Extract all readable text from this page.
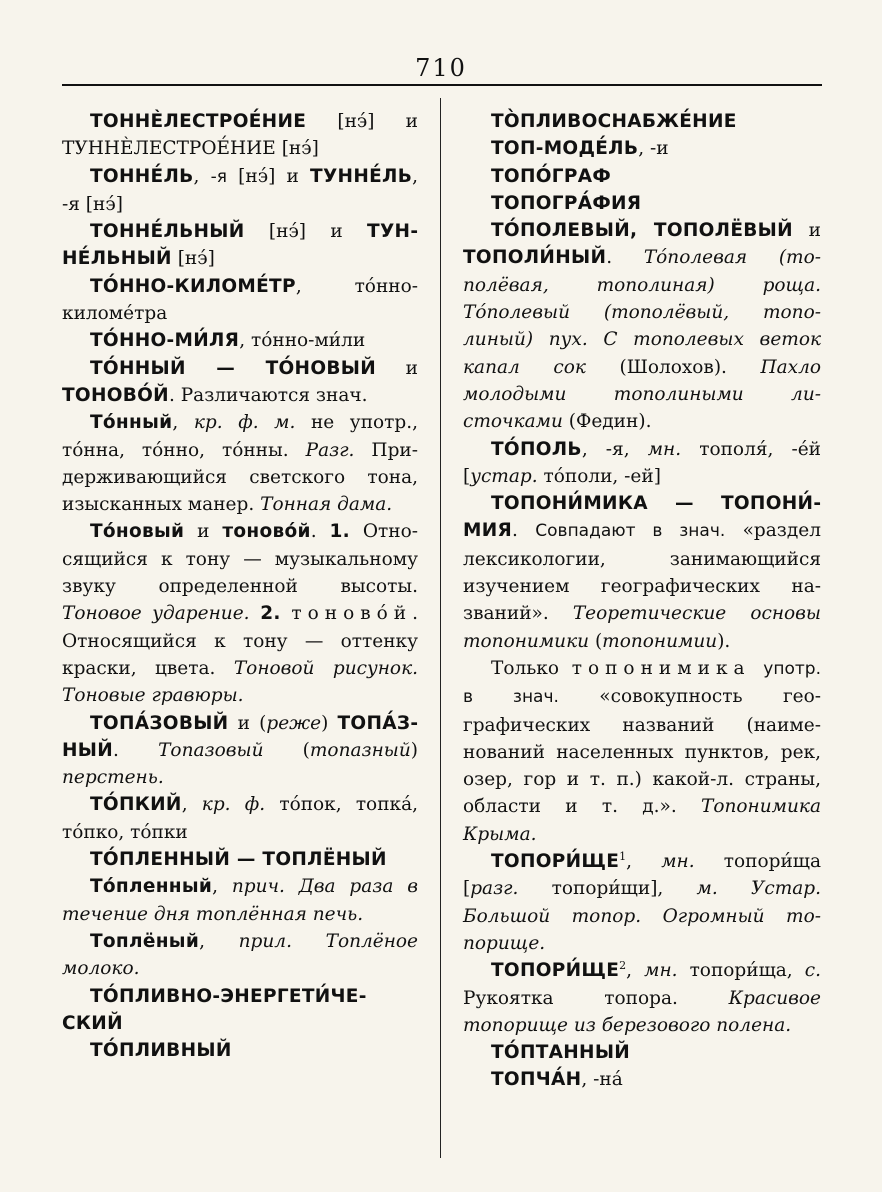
710

ТОННЀЛЕСТРОЕ́НИЕ [нэ́] и ТУННЀЛЕСТРОЕ́НИЕ [нэ́]

ТОННЕ́ЛЬ, -я [нэ́] и ТУННЕ́ЛЬ, -я [нэ́]

ТОННЕ́ЛЬНЫЙ [нэ́] и ТУННЕ́ЛЬНЫЙ [нэ́]

ТО́ННО-КИЛОМЕ́ТР, то́нно-киломе́тра

ТО́ННО-МИ́ЛЯ, то́нно-ми́ли

ТО́ННЫЙ — ТО́НОВЫЙ и ТОНОВО́Й. Различаются знач.

То́нный, кр. ф. м. не употр., то́нна, то́нно, то́нны. Разг. Придерживающийся светского тона, изысканных манер. Тонная дама.

То́новый и тоново́й. 1. Относящийся к тону — музыкальному звуку определенной высоты. Тоновое ударение. 2. тоново́й. Относящийся к тону — оттенку краски, цвета. Тоновой рисунок. Тоновые гравюры.

ТОПА́ЗОВЫЙ и (реже) ТОПА́ЗНЫЙ. Топазовый (топазный) перстень.

ТО́ПКИЙ, кр. ф. то́пок, топка́, то́пко, то́пки

ТО́ПЛЕННЫЙ — ТОПЛЁНЫЙ

То́пленный, прич. Два раза в течение дня топлённая печь.

Топлёный, прил. Топлёное молоко.

ТО́ПЛИВНО-ЭНЕРГЕТИ́ЧЕСКИЙ

ТО́ПЛИВНЫЙ

ТО̀ПЛИВОСНАБЖЕ́НИЕ

ТОП-МОДЕ́ЛЬ, -и

ТОПО́ГРАФ

ТОПОГРА́ФИЯ

ТО́ПОЛЕВЫЙ, ТОПОЛЁВЫЙ и ТОПОЛИ́НЫЙ. То́полевая (тополёвая, тополиная) роща. То́полевый (тополёвый, тополиный) пух. С тополевых веток капал сок (Шолохов). Пахло молодыми тополиными листочками (Федин).

ТО́ПОЛЬ, -я, мн. тополя́, -е́й [устар. то́поли, -ей]

ТОПОНИ́МИКА — ТОПОНИ́МИЯ. Совпадают в знач. «раздел лексикологии, занимающийся изучением географических названий». Теоретические основы топонимики (топонимии).

Только топонимика употр. в знач. «совокупность географических названий (наименований населенных пунктов, рек, озер, гор и т. п.) какой-л. страны, области и т. д.». Топонимика Крыма.

$ТОПОРИ́ЩЕ^1$, мн. топори́ща [разг. топори́щи], м. Устар. Большой топор. Огромный топорище.

$ТОПОРИ́ЩЕ^2$, мн. топори́ща, с. Рукоятка топора. Красивое топорище из березового полена.

ТО́ПТАННЫЙ

ТОПЧА́Н, -на́
